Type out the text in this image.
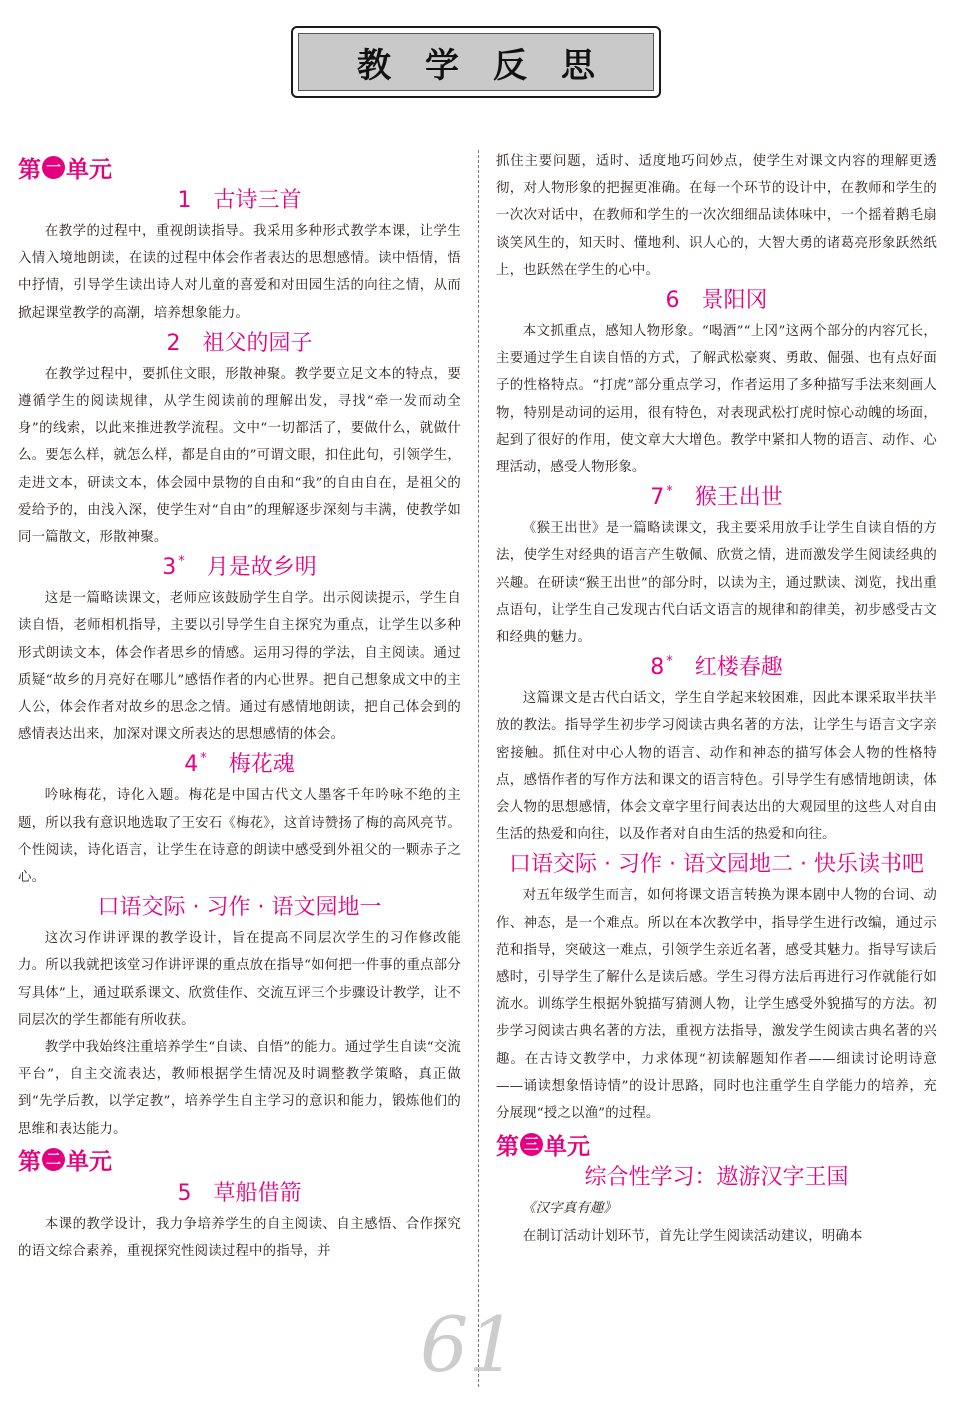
教学反思
第 一 单元
1 古诗三首

在教学的过程中，重视朗读指导。我采用多种形式教学本课，让学生入情入境地朗读，在读的过程中体会作者表达的思想感情。读中悟情，悟中抒情，引导学生读出诗人对儿童的喜爱和对田园生活的向往之情，从而掀起课堂教学的高潮，培养想象能力。

2 祖父的园子

在教学过程中，要抓住文眼，形散神聚。教学要立足文本的特点，要遵循学生的阅读规律，从学生阅读前的理解出发，寻找“牵一发而动全身”的线索，以此来推进教学流程。文中“一切都活了，要做什么，就做什么。要怎么样，就怎么样，都是自由的”可谓文眼，扣住此句，引领学生，走进文本，研读文本，体会园中景物的自由和“我”的自由自在，是祖父的爱给予的，由浅入深，使学生对“自由”的理解逐步深刻与丰满，使教学如同一篇散文，形散神聚。

3 * 月是故乡明

这是一篇略读课文，老师应该鼓励学生自学。出示阅读提示，学生自读自悟，老师相机指导，主要以引导学生自主探究为重点，让学生以多种形式朗读文本，体会作者思乡的情感。运用习得的学法，自主阅读。通过质疑“故乡的月亮好在哪儿”感悟作者的内心世界。把自己想象成文中的主人公，体会作者对故乡的思念之情。通过有感情地朗读，把自己体会到的感情表达出来，加深对课文所表达的思想感情的体会。

4 * 梅花魂

吟咏梅花，诗化入题。梅花是中国古代文人墨客千年吟咏不绝的主题，所以我有意识地选取了王安石《梅花》，这首诗赞扬了梅的高风亮节。个性阅读，诗化语言，让学生在诗意的朗读中感受到外祖父的一颗赤子之心。

口语交际 · 习作 · 语文园地一

这次习作讲评课的教学设计，旨在提高不同层次学生的习作修改能力。所以我就把该堂习作讲评课的重点放在指导“如何把一件事的重点部分写具体”上，通过联系课文、欣赏佳作、交流互评三个步骤设计教学，让不同层次的学生都能有所收获。

教学中我始终注重培养学生“自读、自悟”的能力。通过学生自读“交流平台”，自主交流表达，教师根据学生情况及时调整教学策略，真正做到“先学后教，以学定教”，培养学生自主学习的意识和能力，锻炼他们的思维和表达能力。

第 二 单元
5 草船借箭

本课的教学设计，我力争培养学生的自主阅读、自主感悟、合作探究的语文综合素养，重视探究性阅读过程中的指导，并

抓住主要问题，适时、适度地巧问妙点，使学生对课文内容的理解更透彻，对人物形象的把握更准确。在每一个环节的设计中，在教师和学生的一次次对话中，在教师和学生的一次次细细品读体味中，一个摇着鹅毛扇谈笑风生的，知天时、懂地利、识人心的，大智大勇的诸葛亮形象跃然纸上，也跃然在学生的心中。

6 景阳冈

本文抓重点，感知人物形象。“喝酒”“上冈”这两个部分的内容冗长，主要通过学生自读自悟的方式，了解武松豪爽、勇敢、倔强、也有点好面子的性格特点。“打虎”部分重点学习，作者运用了多种描写手法来刻画人物，特别是动词的运用，很有特色，对表现武松打虎时惊心动魄的场面，起到了很好的作用，使文章大大增色。教学中紧扣人物的语言、动作、心理活动，感受人物形象。

7 * 猴王出世

《猴王出世》是一篇略读课文，我主要采用放手让学生自读自悟的方法，使学生对经典的语言产生敬佩、欣赏之情，进而激发学生阅读经典的兴趣。在研读“猴王出世”的部分时，以读为主，通过默读、浏览，找出重点语句，让学生自己发现古代白话文语言的规律和韵律美，初步感受古文和经典的魅力。

8 * 红楼春趣

这篇课文是古代白话文，学生自学起来较困难，因此本课采取半扶半放的教法。指导学生初步学习阅读古典名著的方法，让学生与语言文字亲密接触。抓住对中心人物的语言、动作和神态的描写体会人物的性格特点，感悟作者的写作方法和课文的语言特色。引导学生有感情地朗读，体会人物的思想感情，体会文章字里行间表达出的大观园里的这些人对自由生活的热爱和向往，以及作者对自由生活的热爱和向往。

口语交际 · 习作 · 语文园地二 · 快乐读书吧

对五年级学生而言，如何将课文语言转换为课本剧中人物的台词、动作、神态，是一个难点。所以在本次教学中，指导学生进行改编，通过示范和指导，突破这一难点，引领学生亲近名著，感受其魅力。指导写读后感时，引导学生了解什么是读后感。学生习得方法后再进行习作就能行如流水。训练学生根据外貌描写猜测人物，让学生感受外貌描写的方法。初步学习阅读古典名著的方法，重视方法指导，激发学生阅读古典名著的兴趣。在古诗文教学中，力求体现“初读解题知作者——细读讨论明诗意——诵读想象悟诗情”的设计思路，同时也注重学生自学能力的培养，充分展现“授之以渔”的过程。

第 三 单元
综合性学习：遨游汉字王国

《汉字真有趣》

在制订活动计划环节，首先让学生阅读活动建议，明确本

61
